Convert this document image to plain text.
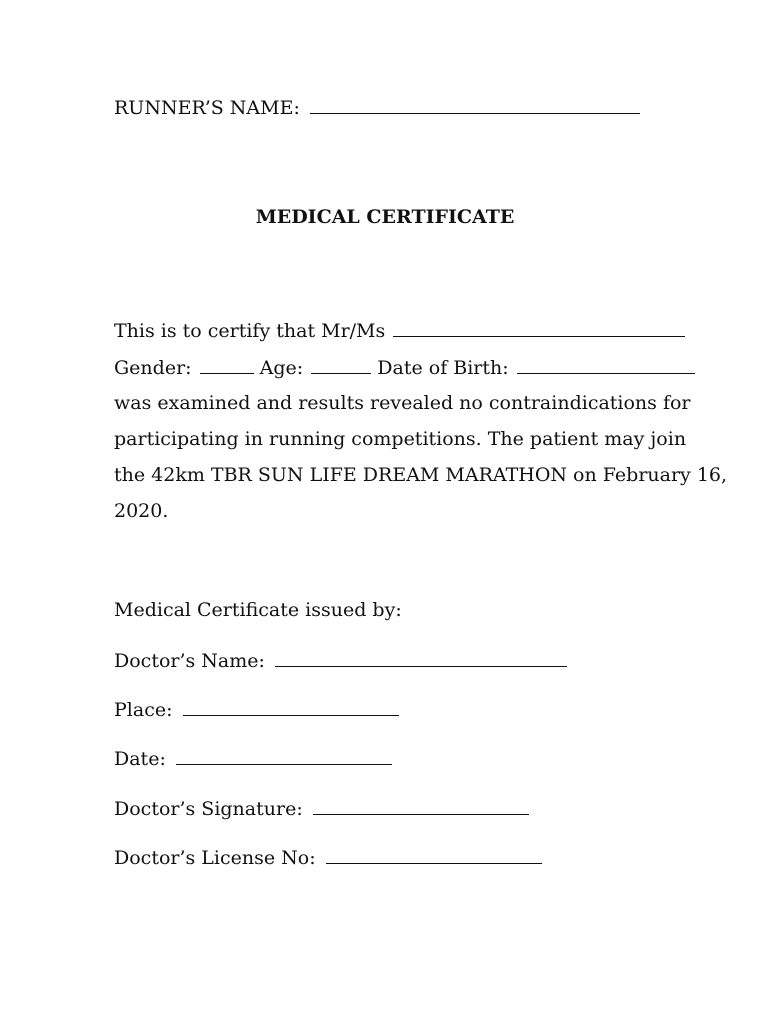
RUNNER’S NAME:
MEDICAL CERTIFICATE
This is to certify that Mr/Ms
Gender:	Age:	Date of Birth:
was examined and results revealed no contraindications for
participating in running competitions. The patient may join
the 42km TBR SUN LIFE DREAM MARATHON on February 16,
2020.
Medical Certificate issued by:
Doctor’s Name:
Place:
Date:
Doctor’s Signature:
Doctor’s License No:
